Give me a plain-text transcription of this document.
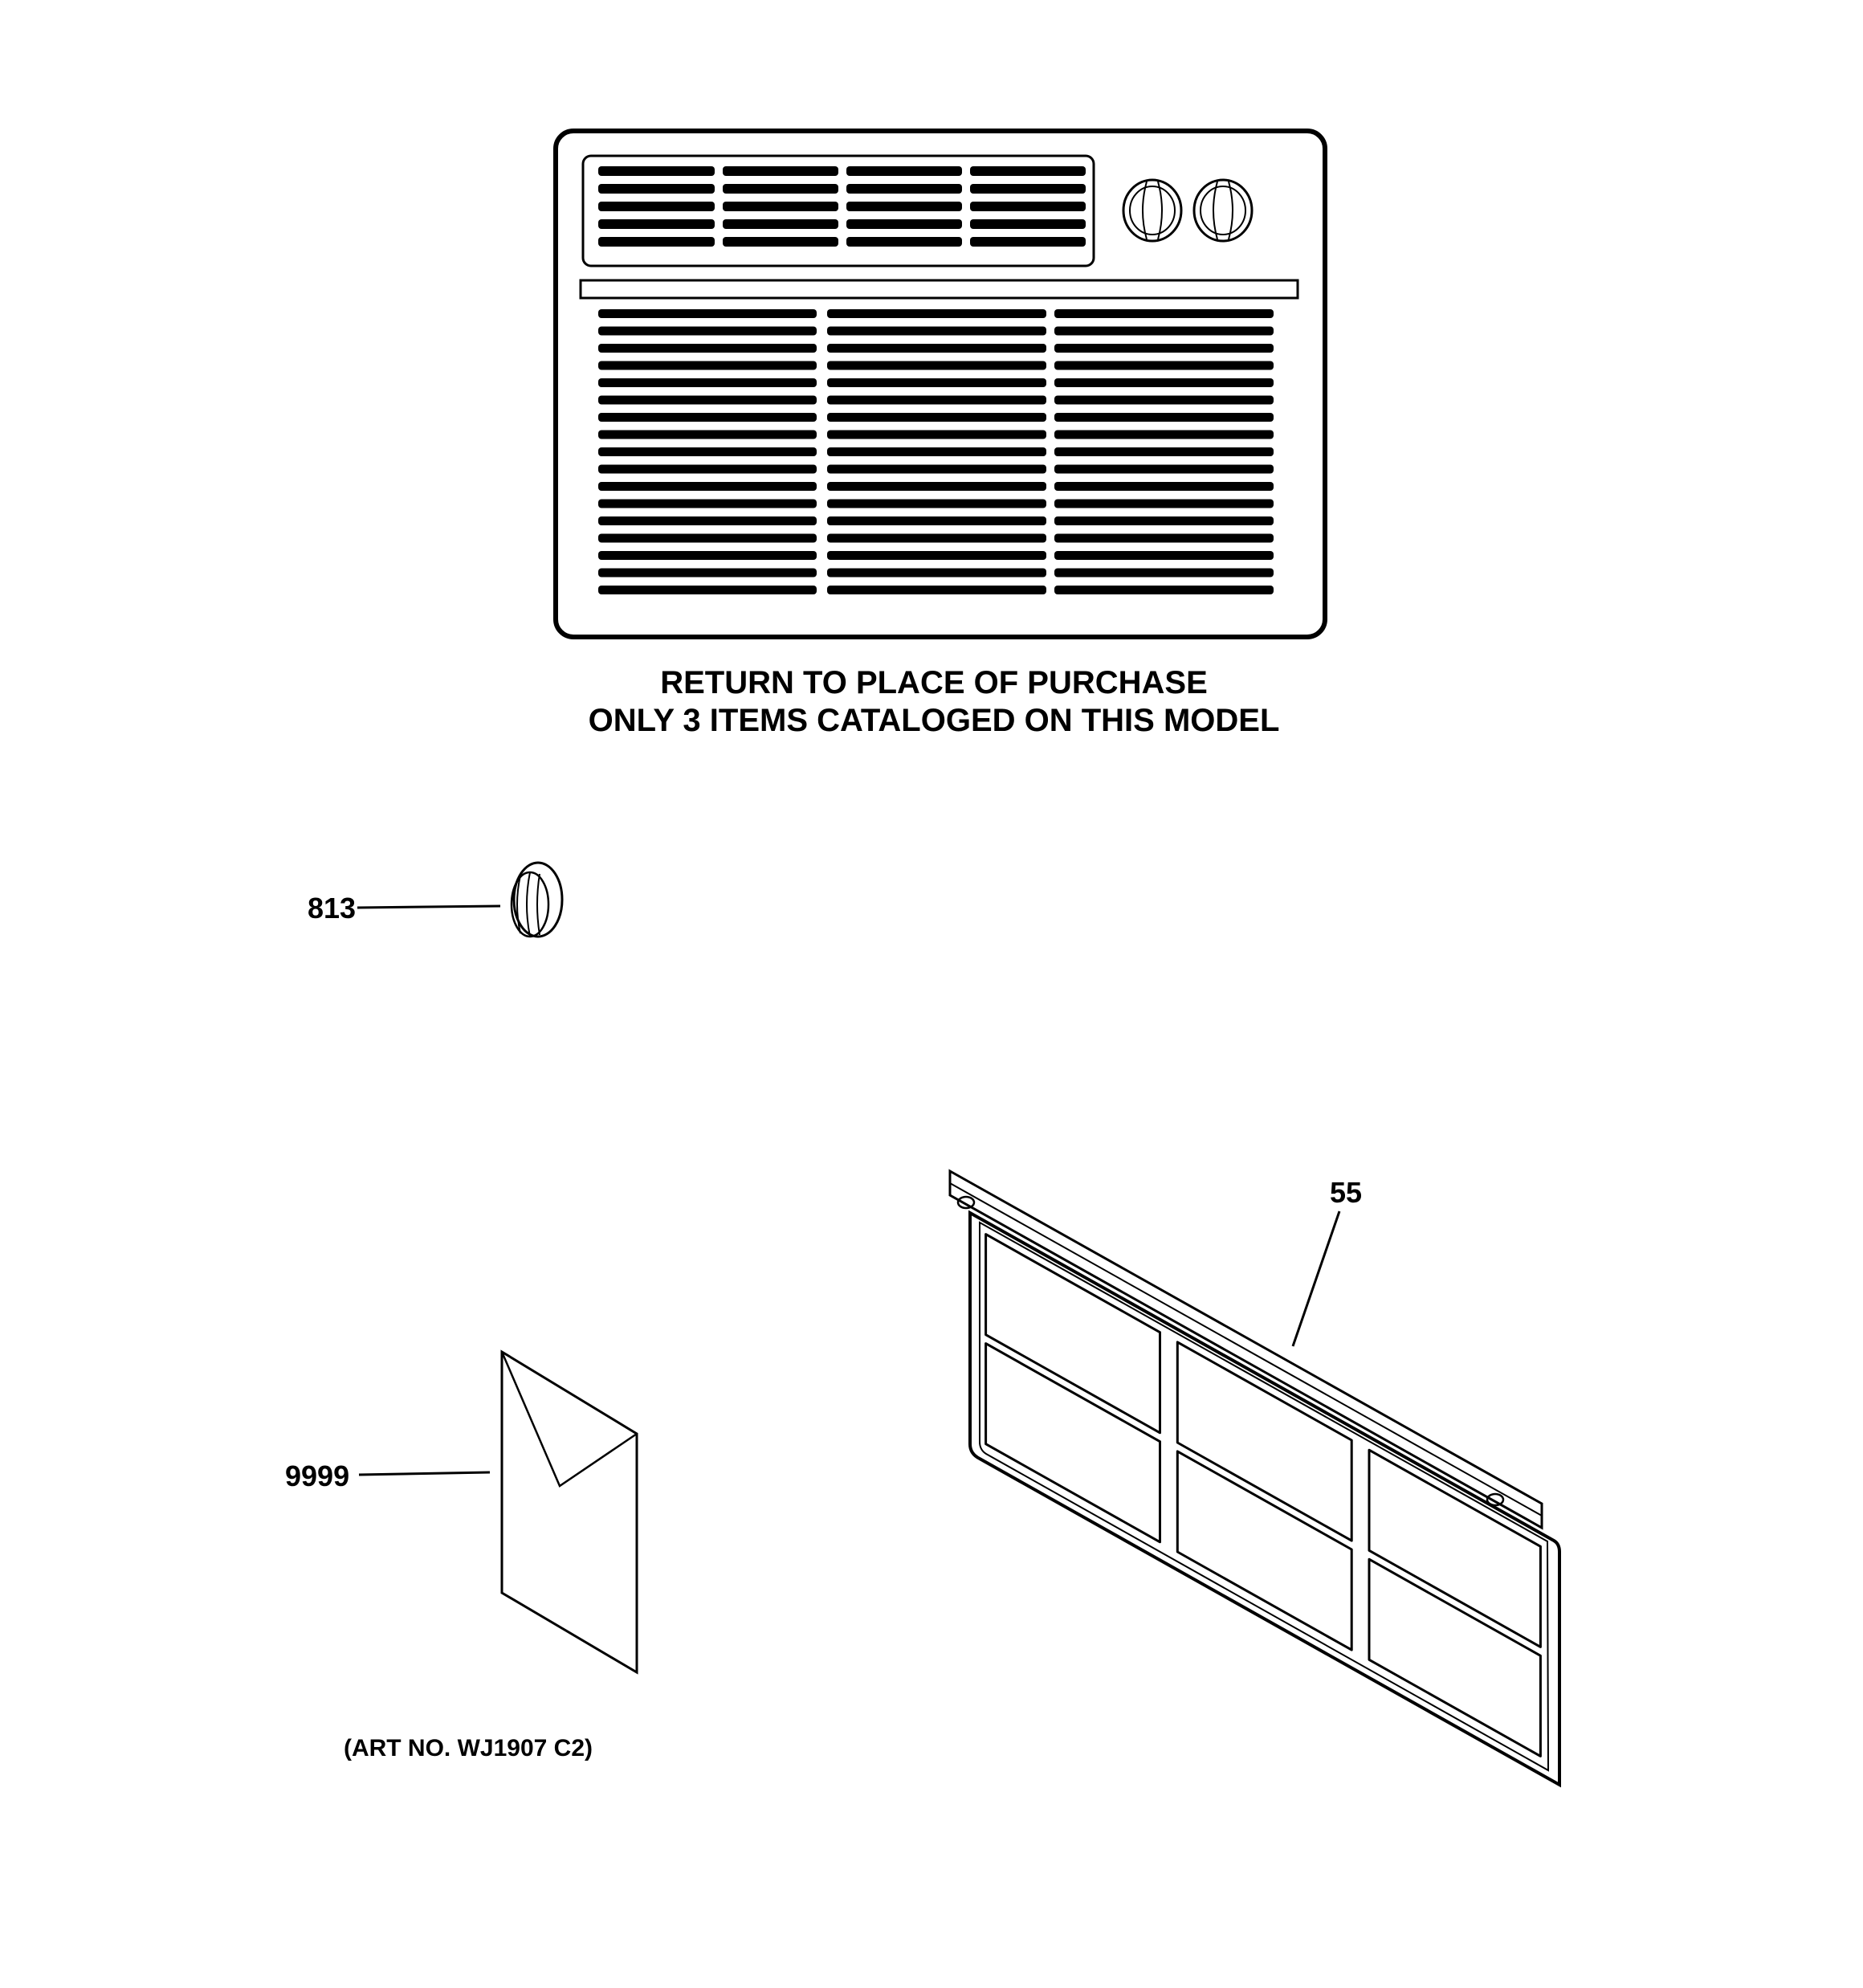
RETURN TO PLACE OF PURCHASE
ONLY 3 ITEMS CATALOGED ON THIS MODEL
813
9999
55
(ART NO. WJ1907 C2)
